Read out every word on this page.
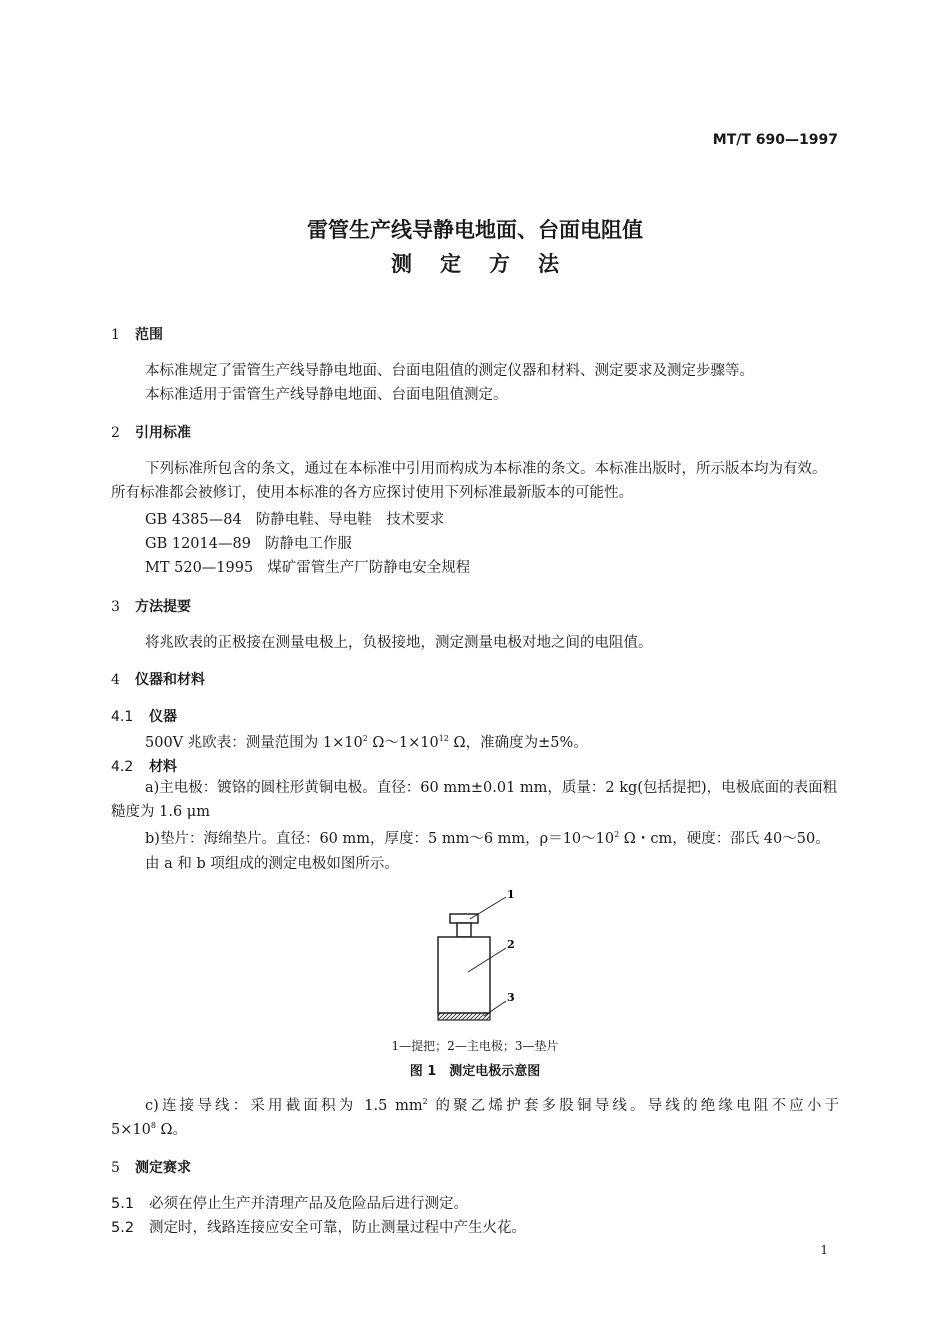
MT/T 690—1997
雷管生产线导静电地面、台面电阻值
测定方法
1 范围
本标准规定了雷管生产线导静电地面、台面电阻值的测定仪器和材料、测定要求及测定步骤等。
本标准适用于雷管生产线导静电地面、台面电阻值测定。
2 引用标准
下列标准所包含的条文，通过在本标准中引用而构成为本标准的条文。本标准出版时，所示版本均为有效。所有标准都会被修订，使用本标准的各方应探讨使用下列标准最新版本的可能性。
GB 4385—84 防静电鞋、导电鞋　技术要求
GB 12014—89 防静电工作服
MT 520—1995 煤矿雷管生产厂防静电安全规程
3 方法提要
将兆欧表的正极接在测量电极上，负极接地，测定测量电极对地之间的电阻值。
4 仪器和材料
4.1 仪器
500V 兆欧表：测量范围为 $1\times 10^2$ $\Omega\sim 1\times 10^{12}$ Ω，准确度为±5%。
4.2 材料
a)主电极：镀铬的圆柱形黄铜电极。直径：60 mm±0.01 mm，质量：2 kg(包括提把)，电极底面的表面粗糙度为 1.6 μm
b)垫片：海绵垫片。直径：60 mm，厚度：5 mm～6 mm，$\rho=10\sim 10^2$ Ω・cm，硬度：邵氏 40～50。
由 a 和 b 项组成的测定电极如图所示。
1
2
3
1—提把；2—主电极；3—垫片
图 1　测定电极示意图
c)连接导线：采用截面积为 1.5 $mm^2$ 的聚乙烯护套多股铜导线。导线的绝缘电阻不应小于
$5\times 10^8$ Ω。
5 测定赛求
5.1 必须在停止生产并清理产品及危险品后进行测定。
5.2 测定时，线路连接应安全可靠，防止测量过程中产生火花。
1
